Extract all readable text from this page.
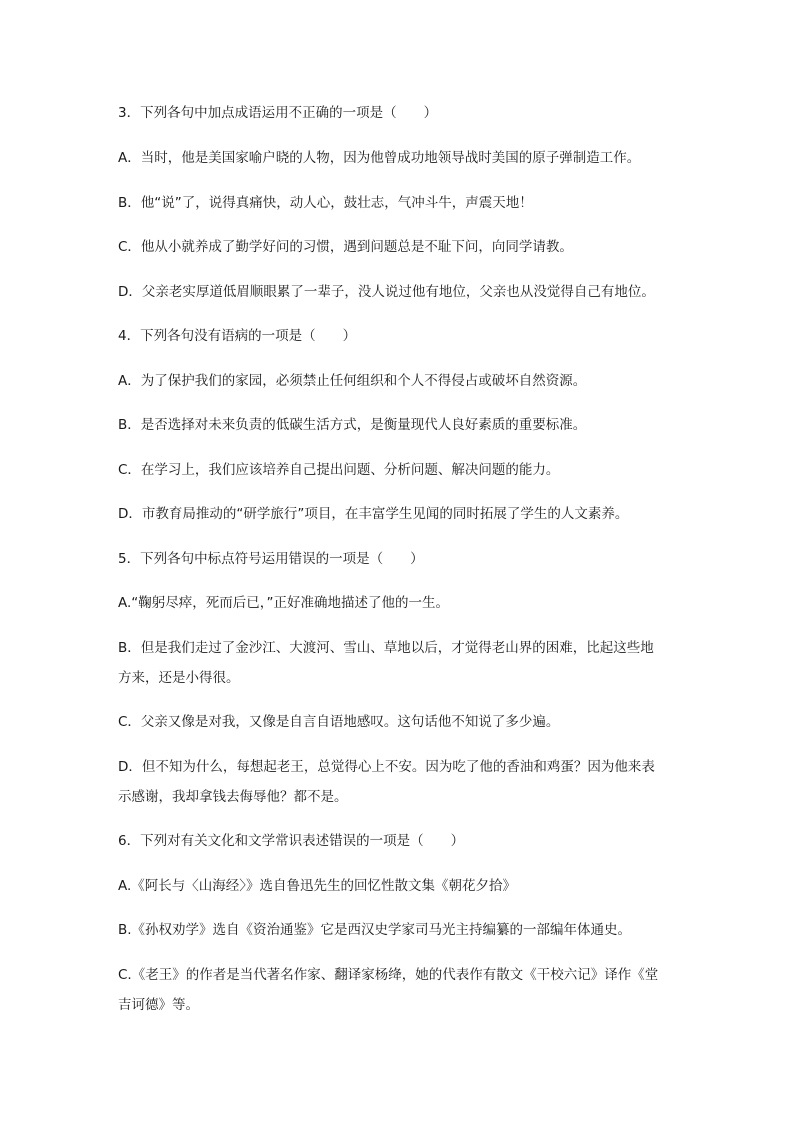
3．下列各句中加点成语运用不正确的一项是（　　）
A．当时，他是美国家喻户晓的人物，因为他曾成功地领导战时美国的原子弹制造工作。
B．他“说”了，说得真痛快，动人心，鼓壮志，气冲斗牛，声震天地！
C．他从小就养成了勤学好问的习惯，遇到问题总是不耻下问，向同学请教。
D．父亲老实厚道低眉顺眼累了一辈子，没人说过他有地位，父亲也从没觉得自己有地位。
4．下列各句没有语病的一项是（　　）
A．为了保护我们的家园，必须禁止任何组织和个人不得侵占或破坏自然资源。
B．是否选择对未来负责的低碳生活方式，是衡量现代人良好素质的重要标准。
C．在学习上，我们应该培养自己提出问题、分析问题、解决问题的能力。
D．市教育局推动的“研学旅行”项目，在丰富学生见闻的同时拓展了学生的人文素养。
5．下列各句中标点符号运用错误的一项是（　　）
A.“鞠躬尽瘁，死而后已，”正好准确地描述了他的一生。
B．但是我们走过了金沙江、大渡河、雪山、草地以后，才觉得老山界的困难，比起这些地
方来，还是小得很。
C．父亲又像是对我，又像是自言自语地感叹。这句话他不知说了多少遍。
D．但不知为什么，每想起老王，总觉得心上不安。因为吃了他的香油和鸡蛋？因为他来表
示感谢，我却拿钱去侮辱他？都不是。
6．下列对有关文化和文学常识表述错误的一项是（　　）
A.《阿长与〈山海经〉》选自鲁迅先生的回忆性散文集《朝花夕拾》
B.《孙权劝学》选自《资治通鉴》它是西汉史学家司马光主持编纂的一部编年体通史。
C.《老王》的作者是当代著名作家、翻译家杨绛，她的代表作有散文《干校六记》译作《堂
吉诃德》等。
